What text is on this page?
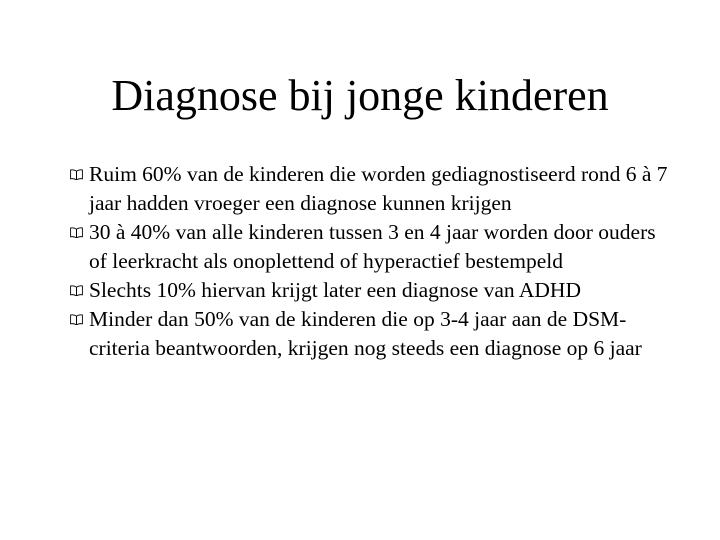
Diagnose bij jonge kinderen
Ruim 60% van de kinderen die worden gediagnostiseerd rond 6 à 7 jaar hadden vroeger een diagnose kunnen krijgen
30 à 40% van alle kinderen tussen 3 en 4 jaar worden door ouders of leerkracht als onoplettend of hyperactief bestempeld
Slechts 10% hiervan krijgt later een diagnose van ADHD
Minder dan 50% van de kinderen die op 3-4 jaar aan de DSM-criteria beantwoorden, krijgen nog steeds een diagnose op 6 jaar
